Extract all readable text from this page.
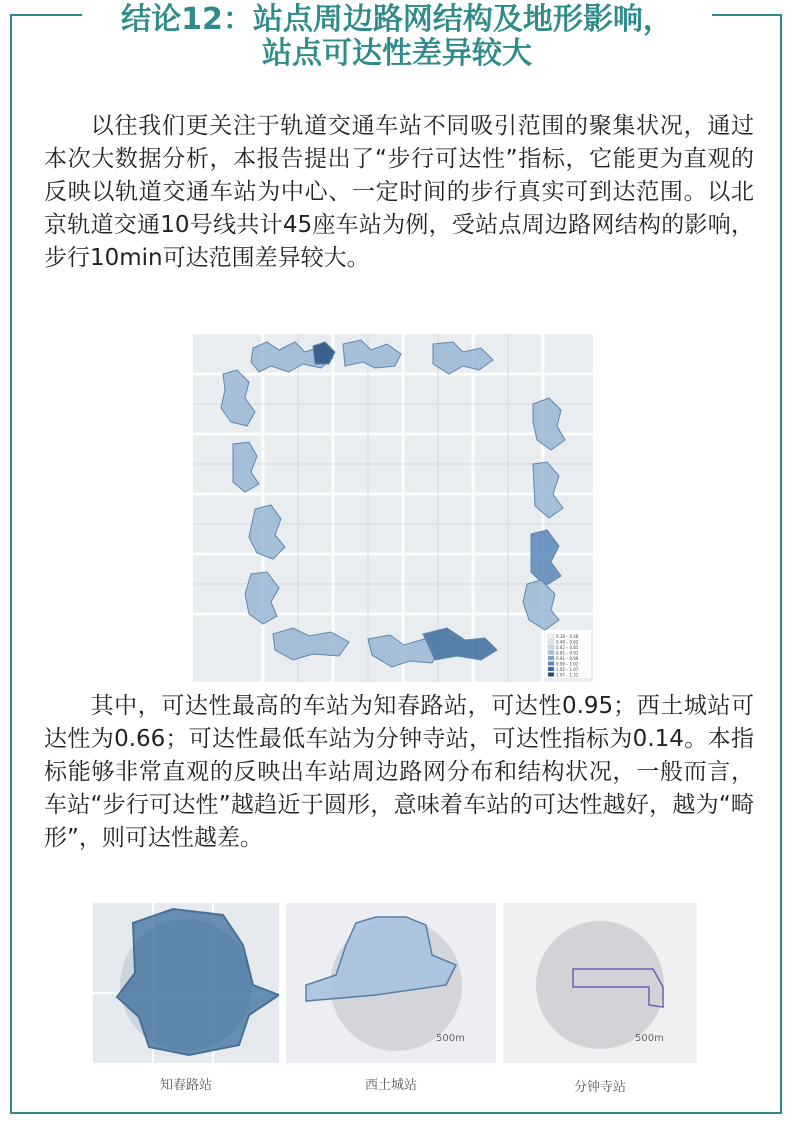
结论12：站点周边路网结构及地形影响，
站点可达性差异较大
以往我们更关注于轨道交通车站不同吸引范围的聚集状况，通过本次大数据分析，本报告提出了“步行可达性”指标，它能更为直观的反映以轨道交通车站为中心、一定时间的步行真实可到达范围。以北京轨道交通10号线共计45座车站为例，受站点周边路网结构的影响，步行10min可达范围差异较大。
0.18 – 0.48
0.48 – 0.62
0.62 – 0.81
0.81 – 0.91
0.91 – 0.99
0.99 – 1.02
1.02 – 1.07
1.07 – 1.31
其中，可达性最高的车站为知春路站，可达性0.95；西土城站可达性为0.66；可达性最低车站为分钟寺站，可达性指标为0.14。本指标能够非常直观的反映出车站周边路网分布和结构状况，一般而言，车站“步行可达性”越趋近于圆形，意味着车站的可达性越好，越为“畸形”，则可达性越差。
500m	500m
知春路站	西土城站	分钟寺站
